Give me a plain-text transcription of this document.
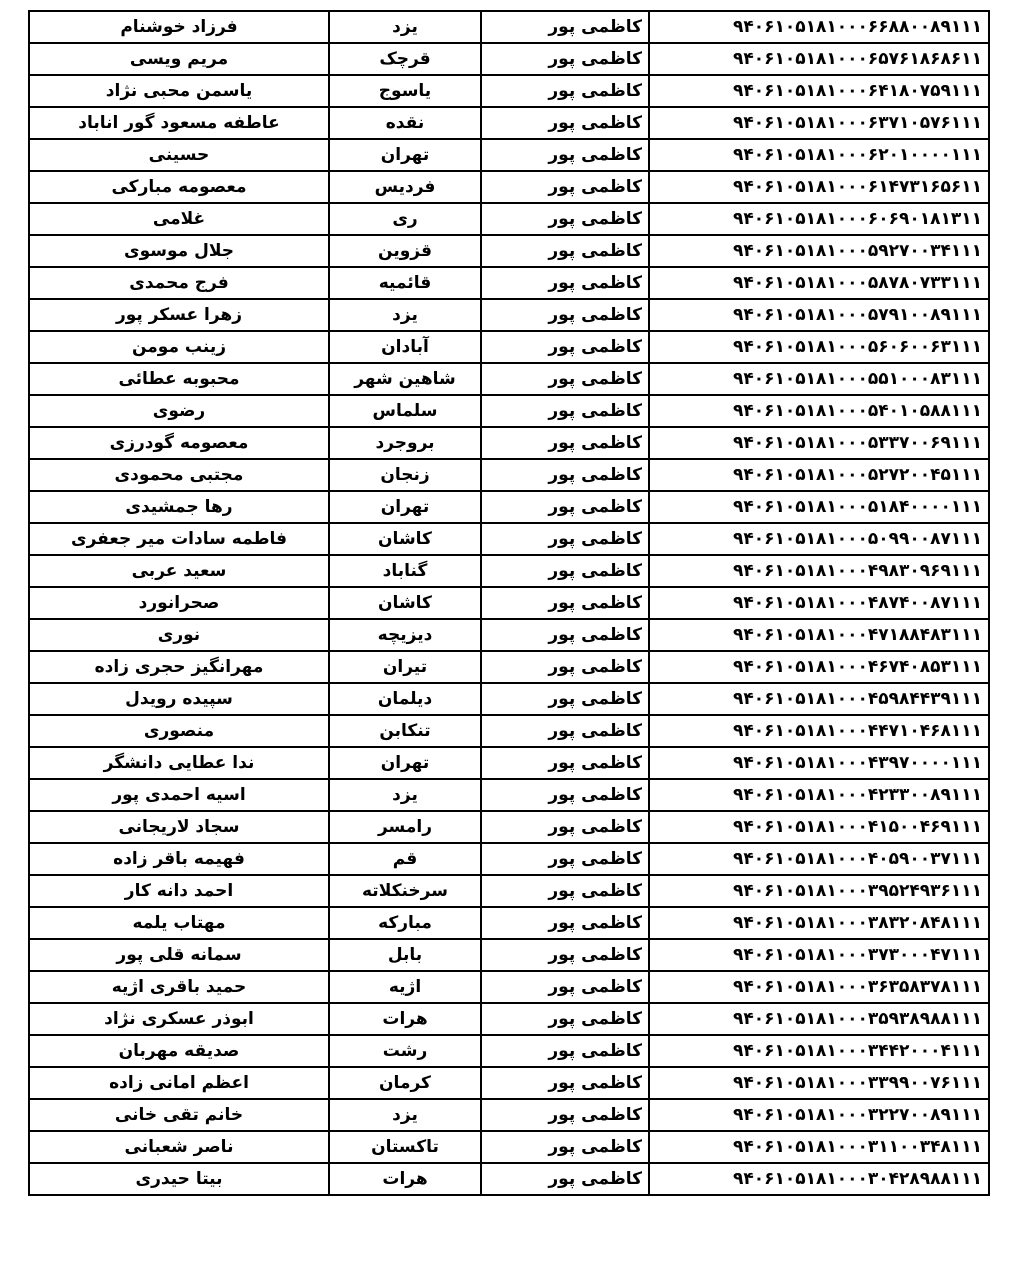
فرزاد خوشنام	یزد	کاظمی پور	۹۴۰۶۱۰۵۱۸۱۰۰۰۶۶۸۸۰۰۸۹۱۱۱
مریم ویسی	قرچک	کاظمی پور	۹۴۰۶۱۰۵۱۸۱۰۰۰۶۵۷۶۱۸۶۸۶۱۱
یاسمن محبی نژاد	یاسوج	کاظمی پور	۹۴۰۶۱۰۵۱۸۱۰۰۰۶۴۱۸۰۷۵۹۱۱۱
عاطفه مسعود گور اناباد	نقده	کاظمی پور	۹۴۰۶۱۰۵۱۸۱۰۰۰۶۳۷۱۰۵۷۶۱۱۱
حسینی	تهران	کاظمی پور	۹۴۰۶۱۰۵۱۸۱۰۰۰۶۲۰۱۰۰۰۰۱۱۱
معصومه مبارکی	فردیس	کاظمی پور	۹۴۰۶۱۰۵۱۸۱۰۰۰۶۱۴۷۳۱۶۵۶۱۱
غلامی	ری	کاظمی پور	۹۴۰۶۱۰۵۱۸۱۰۰۰۶۰۶۹۰۱۸۱۳۱۱
جلال موسوی	قزوین	کاظمی پور	۹۴۰۶۱۰۵۱۸۱۰۰۰۵۹۲۷۰۰۳۴۱۱۱
فرج محمدی	قائمیه	کاظمی پور	۹۴۰۶۱۰۵۱۸۱۰۰۰۵۸۷۸۰۷۳۳۱۱۱
زهرا عسکر پور	یزد	کاظمی پور	۹۴۰۶۱۰۵۱۸۱۰۰۰۵۷۹۱۰۰۸۹۱۱۱
زینب مومن	آبادان	کاظمی پور	۹۴۰۶۱۰۵۱۸۱۰۰۰۵۶۰۶۰۰۶۳۱۱۱
محبوبه عطائی	شاهین شهر	کاظمی پور	۹۴۰۶۱۰۵۱۸۱۰۰۰۵۵۱۰۰۰۸۳۱۱۱
رضوی	سلماس	کاظمی پور	۹۴۰۶۱۰۵۱۸۱۰۰۰۵۴۰۱۰۵۸۸۱۱۱
معصومه گودرزی	بروجرد	کاظمی پور	۹۴۰۶۱۰۵۱۸۱۰۰۰۵۳۳۷۰۰۶۹۱۱۱
مجتبی محمودی	زنجان	کاظمی پور	۹۴۰۶۱۰۵۱۸۱۰۰۰۵۲۷۲۰۰۴۵۱۱۱
رها جمشیدی	تهران	کاظمی پور	۹۴۰۶۱۰۵۱۸۱۰۰۰۵۱۸۴۰۰۰۰۱۱۱
فاطمه سادات میر جعفری	کاشان	کاظمی پور	۹۴۰۶۱۰۵۱۸۱۰۰۰۵۰۹۹۰۰۸۷۱۱۱
سعید عربی	گناباد	کاظمی پور	۹۴۰۶۱۰۵۱۸۱۰۰۰۴۹۸۳۰۹۶۹۱۱۱
صحرانورد	کاشان	کاظمی پور	۹۴۰۶۱۰۵۱۸۱۰۰۰۴۸۷۴۰۰۸۷۱۱۱
نوری	دیزیچه	کاظمی پور	۹۴۰۶۱۰۵۱۸۱۰۰۰۴۷۱۸۸۴۸۳۱۱۱
مهرانگیز حجری زاده	تیران	کاظمی پور	۹۴۰۶۱۰۵۱۸۱۰۰۰۴۶۷۴۰۸۵۳۱۱۱
سپیده رویدل	دیلمان	کاظمی پور	۹۴۰۶۱۰۵۱۸۱۰۰۰۴۵۹۸۴۴۳۹۱۱۱
منصوری	تنکابن	کاظمی پور	۹۴۰۶۱۰۵۱۸۱۰۰۰۴۴۷۱۰۴۶۸۱۱۱
ندا عطایی دانشگر	تهران	کاظمی پور	۹۴۰۶۱۰۵۱۸۱۰۰۰۴۳۹۷۰۰۰۰۱۱۱
اسیه احمدی پور	یزد	کاظمی پور	۹۴۰۶۱۰۵۱۸۱۰۰۰۴۲۳۳۰۰۸۹۱۱۱
سجاد لاریجانی	رامسر	کاظمی پور	۹۴۰۶۱۰۵۱۸۱۰۰۰۴۱۵۰۰۴۶۹۱۱۱
فهیمه باقر زاده	قم	کاظمی پور	۹۴۰۶۱۰۵۱۸۱۰۰۰۴۰۵۹۰۰۳۷۱۱۱
احمد دانه کار	سرخنکلاته	کاظمی پور	۹۴۰۶۱۰۵۱۸۱۰۰۰۳۹۵۲۴۹۳۶۱۱۱
مهتاب یلمه	مبارکه	کاظمی پور	۹۴۰۶۱۰۵۱۸۱۰۰۰۳۸۳۲۰۸۴۸۱۱۱
سمانه قلی پور	بابل	کاظمی پور	۹۴۰۶۱۰۵۱۸۱۰۰۰۳۷۳۰۰۰۴۷۱۱۱
حمید باقری اژیه	اژیه	کاظمی پور	۹۴۰۶۱۰۵۱۸۱۰۰۰۳۶۳۵۸۳۷۸۱۱۱
ابوذر عسکری نژاد	هرات	کاظمی پور	۹۴۰۶۱۰۵۱۸۱۰۰۰۳۵۹۳۸۹۸۸۱۱۱
صدیقه مهربان	رشت	کاظمی پور	۹۴۰۶۱۰۵۱۸۱۰۰۰۳۴۴۲۰۰۰۴۱۱۱
اعظم امانی زاده	کرمان	کاظمی پور	۹۴۰۶۱۰۵۱۸۱۰۰۰۳۳۹۹۰۰۷۶۱۱۱
خانم تقی خانی	یزد	کاظمی پور	۹۴۰۶۱۰۵۱۸۱۰۰۰۳۲۲۷۰۰۸۹۱۱۱
ناصر شعبانی	تاکستان	کاظمی پور	۹۴۰۶۱۰۵۱۸۱۰۰۰۳۱۱۰۰۳۴۸۱۱۱
بیتا حیدری	هرات	کاظمی پور	۹۴۰۶۱۰۵۱۸۱۰۰۰۳۰۴۲۸۹۸۸۱۱۱
